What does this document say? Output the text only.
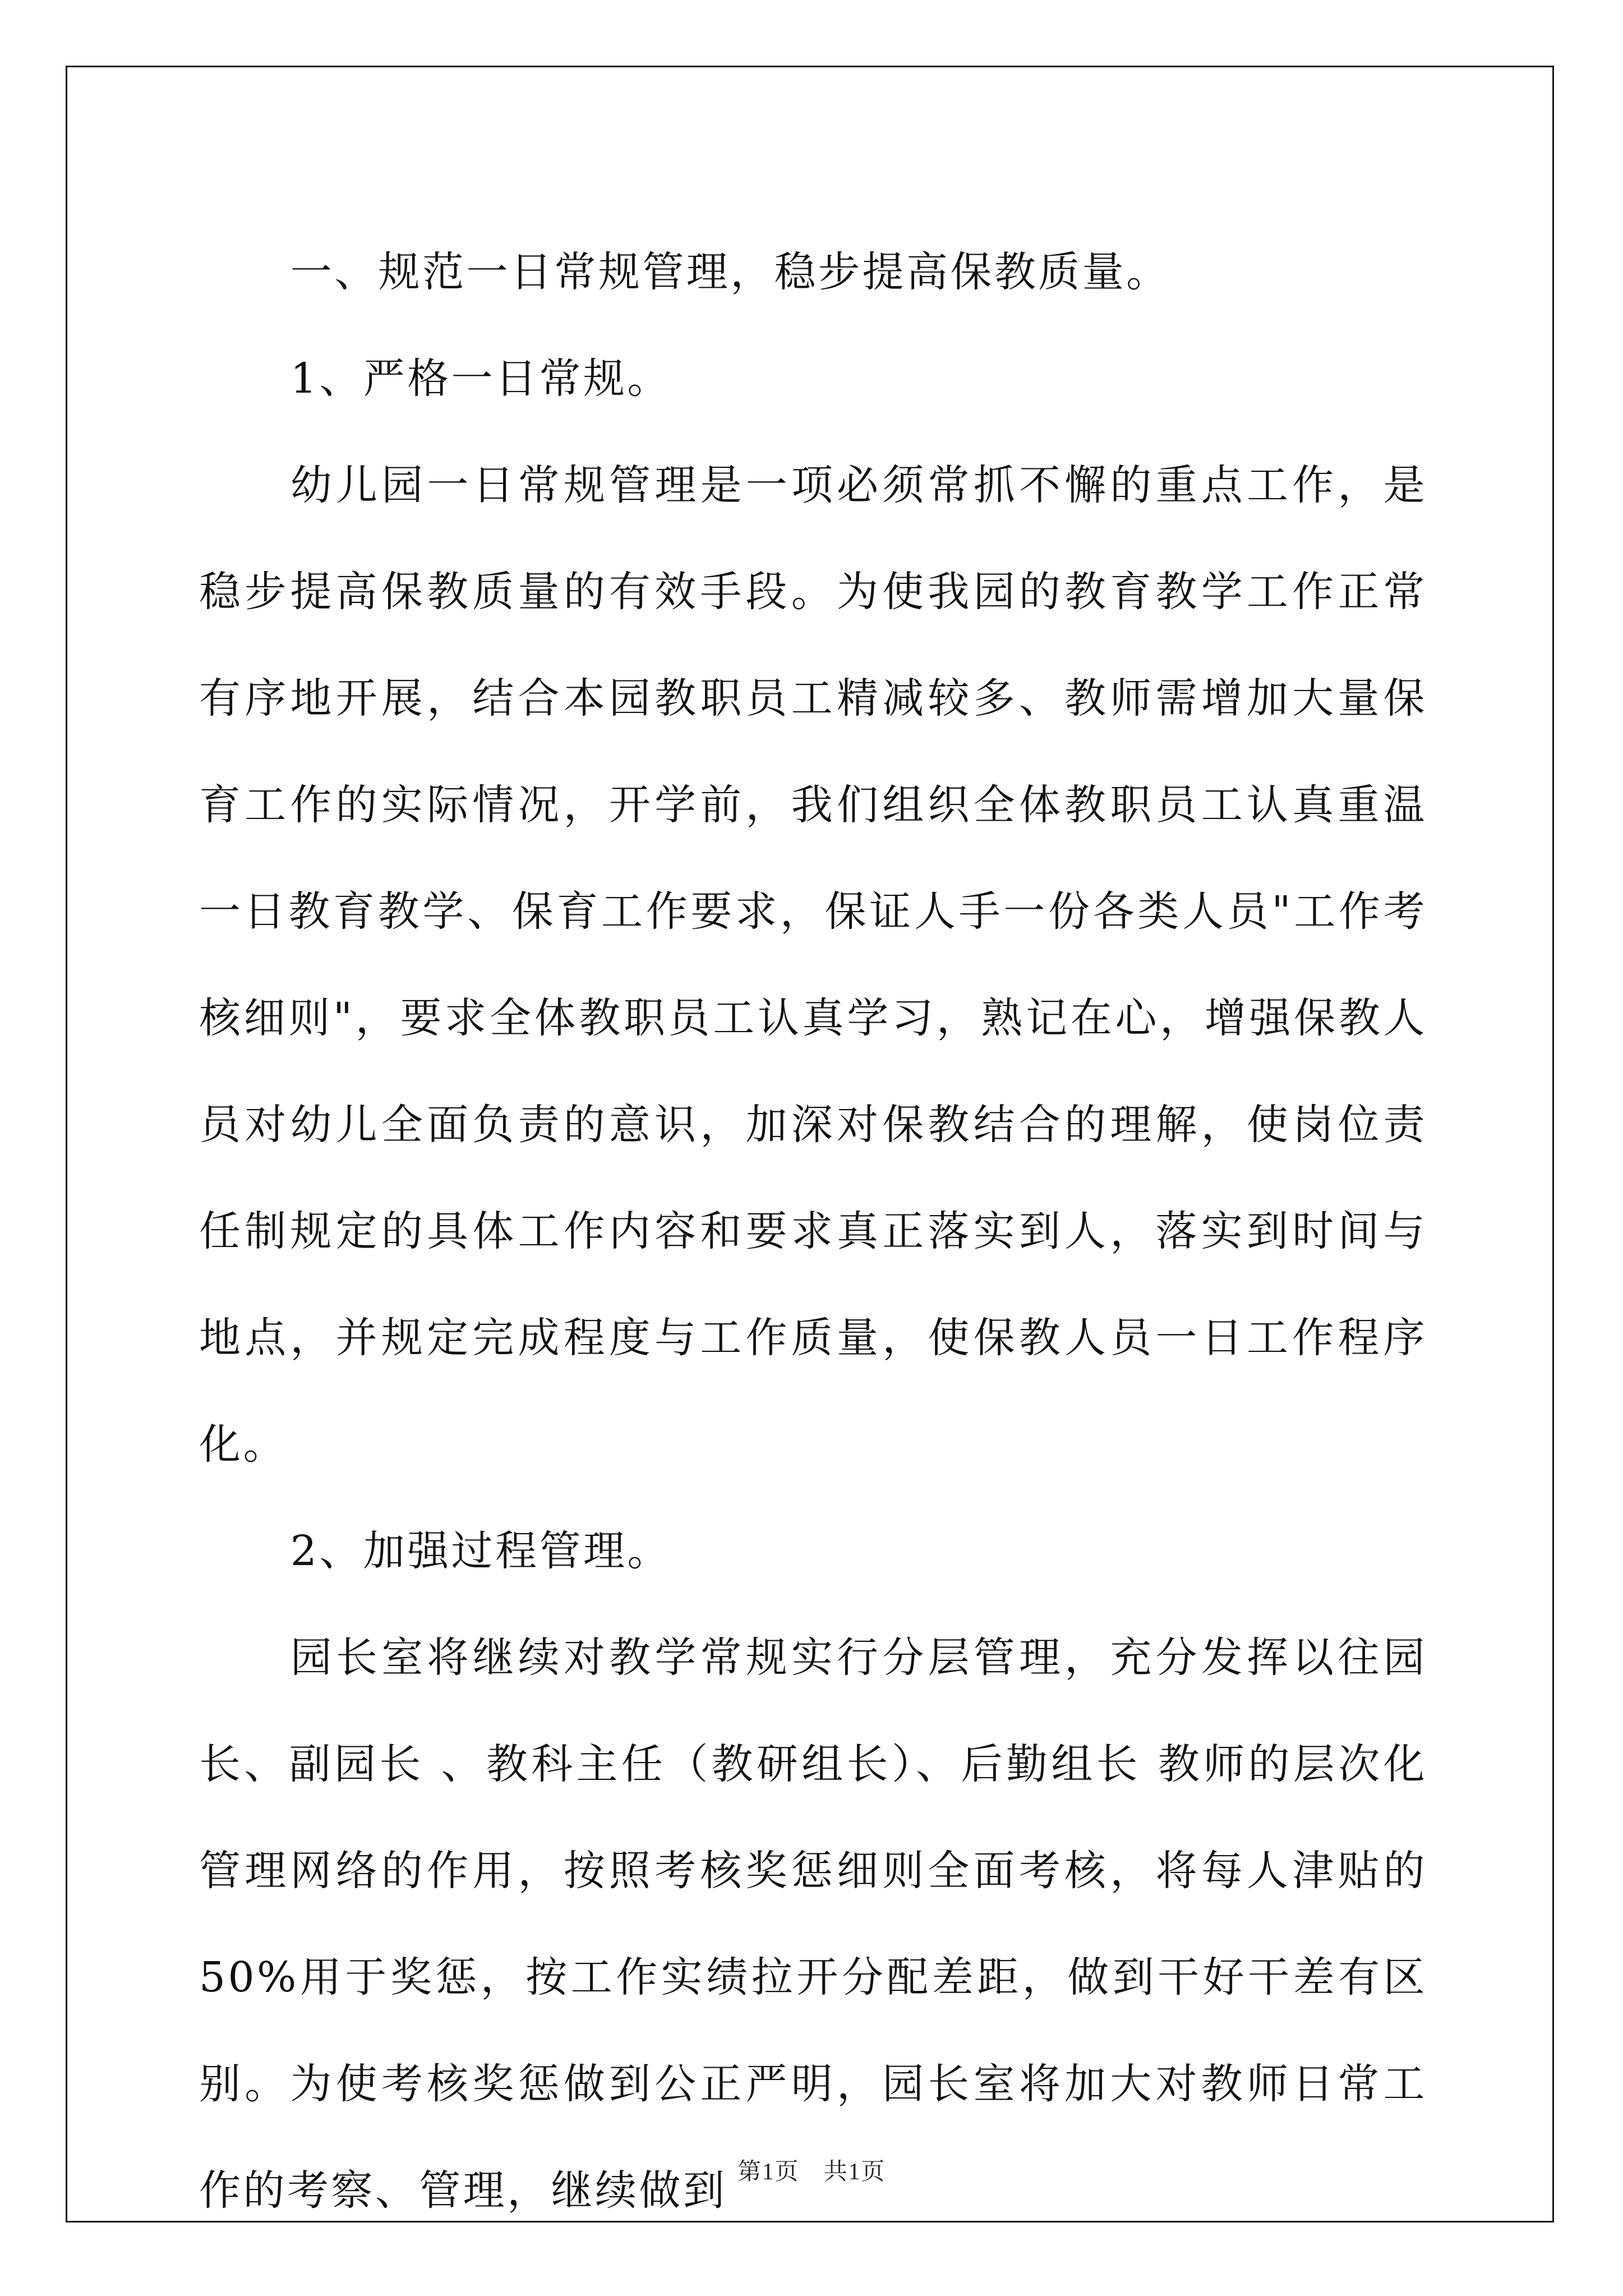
一、规范一日常规管理，稳步提高保教质量。

1、严格一日常规。

幼儿园一日常规管理是一项必须常抓不懈的重点工作，是稳步提高保教质量的有效手段。为使我园的教育教学工作正常有序地开展，结合本园教职员工精减较多、教师需增加大量保育工作的实际情况，开学前，我们组织全体教职员工认真重温一日教育教学、保育工作要求，保证人手一份各类人员"工作考核细则"，要求全体教职员工认真学习，熟记在心，增强保教人员对幼儿全面负责的意识，加深对保教结合的理解，使岗位责任制规定的具体工作内容和要求真正落实到人，落实到时间与地点，并规定完成程度与工作质量，使保教人员一日工作程序化。

2、加强过程管理。

园长室将继续对教学常规实行分层管理，充分发挥以往园长、副园长 、教科主任（教研组长）、后勤组长 教师的层次化管理网络的作用，按照考核奖惩细则全面考核，将每人津贴的50%用于奖惩，按工作实绩拉开分配差距，做到干好干差有区别。为使考核奖惩做到公正严明，园长室将加大对教师日常工作的考察、管理，继续做到 第1页　共1页
